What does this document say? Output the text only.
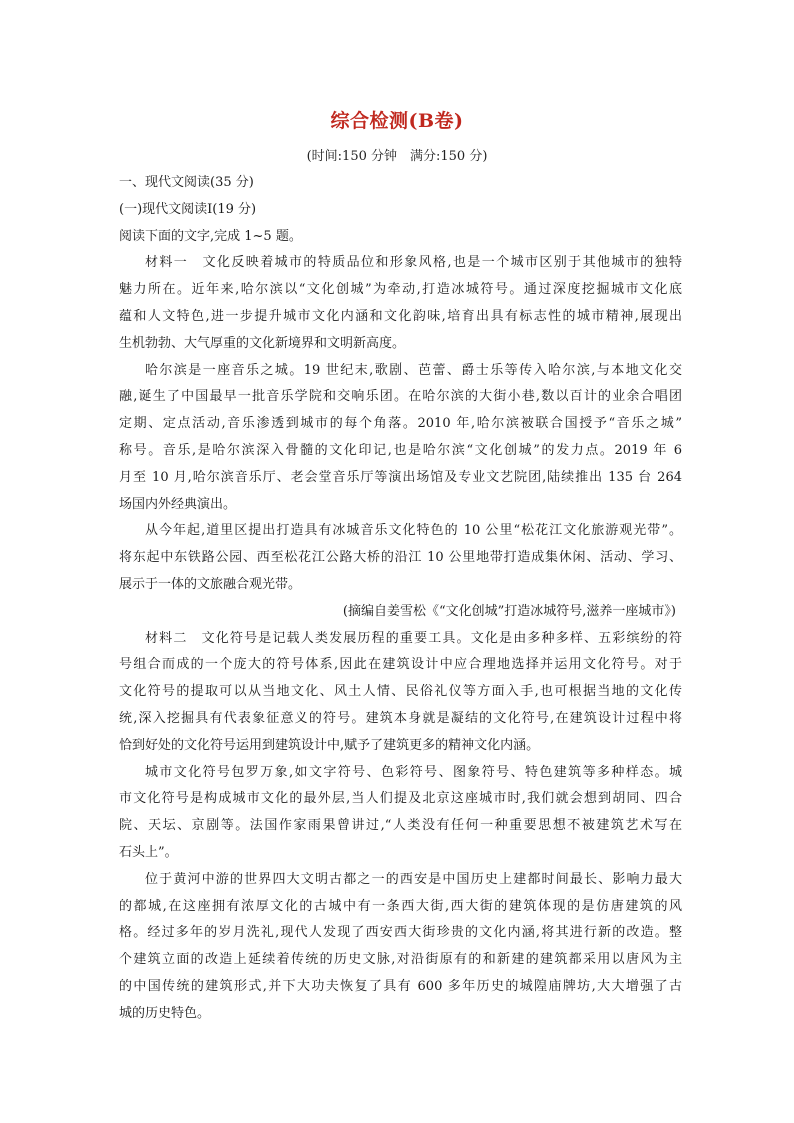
综合检测(B卷)
(时间:150 分钟　满分:150 分)
一、现代文阅读(35 分)
(一)现代文阅读Ⅰ(19 分)
阅读下面的文字,完成 1~5 题。
材料一　文化反映着城市的特质品位和形象风格,也是一个城市区别于其他城市的独特
魅力所在。近年来,哈尔滨以“文化创城”为牵动,打造冰城符号。通过深度挖掘城市文化底
蕴和人文特色,进一步提升城市文化内涵和文化韵味,培育出具有标志性的城市精神,展现出
生机勃勃、大气厚重的文化新境界和文明新高度。
哈尔滨是一座音乐之城。19 世纪末,歌剧、芭蕾、爵士乐等传入哈尔滨,与本地文化交
融,诞生了中国最早一批音乐学院和交响乐团。在哈尔滨的大街小巷,数以百计的业余合唱团
定期、定点活动,音乐渗透到城市的每个角落。2010 年,哈尔滨被联合国授予“音乐之城”
称号。音乐,是哈尔滨深入骨髓的文化印记,也是哈尔滨“文化创城”的发力点。2019 年 6
月至 10 月,哈尔滨音乐厅、老会堂音乐厅等演出场馆及专业文艺院团,陆续推出 135 台 264
场国内外经典演出。
从今年起,道里区提出打造具有冰城音乐文化特色的 10 公里“松花江文化旅游观光带”。
将东起中东铁路公园、西至松花江公路大桥的沿江 10 公里地带打造成集休闲、活动、学习、
展示于一体的文旅融合观光带。
(摘编自姜雪松《“文化创城”打造冰城符号,滋养一座城市》)
材料二　文化符号是记载人类发展历程的重要工具。文化是由多种多样、五彩缤纷的符
号组合而成的一个庞大的符号体系,因此在建筑设计中应合理地选择并运用文化符号。对于
文化符号的提取可以从当地文化、风土人情、民俗礼仪等方面入手,也可根据当地的文化传
统,深入挖掘具有代表象征意义的符号。建筑本身就是凝结的文化符号,在建筑设计过程中将
恰到好处的文化符号运用到建筑设计中,赋予了建筑更多的精神文化内涵。
城市文化符号包罗万象,如文字符号、色彩符号、图象符号、特色建筑等多种样态。城
市文化符号是构成城市文化的最外层,当人们提及北京这座城市时,我们就会想到胡同、四合
院、天坛、京剧等。法国作家雨果曾讲过,“人类没有任何一种重要思想不被建筑艺术写在
石头上”。
位于黄河中游的世界四大文明古都之一的西安是中国历史上建都时间最长、影响力最大
的都城,在这座拥有浓厚文化的古城中有一条西大街,西大街的建筑体现的是仿唐建筑的风
格。经过多年的岁月洗礼,现代人发现了西安西大街珍贵的文化内涵,将其进行新的改造。整
个建筑立面的改造上延续着传统的历史文脉,对沿街原有的和新建的建筑都采用以唐风为主
的中国传统的建筑形式,并下大功夫恢复了具有 600 多年历史的城隍庙牌坊,大大增强了古
城的历史特色。
